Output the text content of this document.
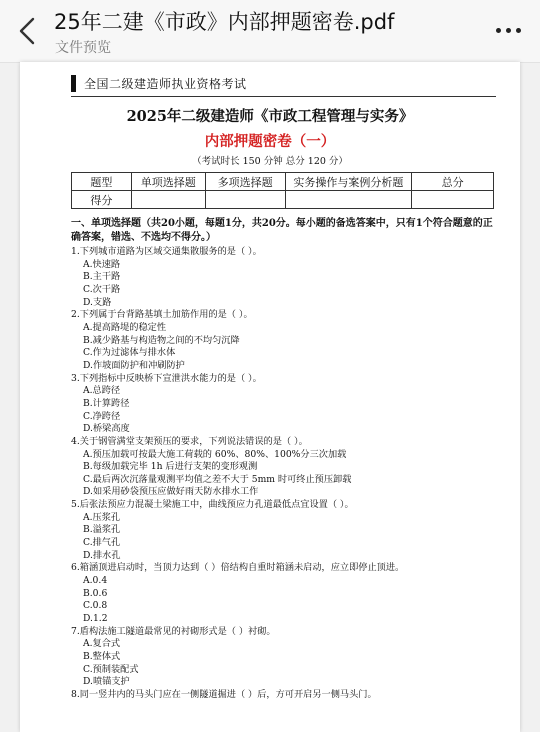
25年二建《市政》内部押题密卷.pdf
文件预览
全国二级建造师执业资格考试
2025年二级建造师《市政工程管理与实务》
内部押题密卷（一）
（考试时长 150 分钟 总分 120 分）
题型	单项选择题	多项选择题	实务操作与案例分析题	总分
得分				
一、单项选择题（共20小题，每题1分，共20分。每小题的备选答案中，只有1个符合题意的正确答案，错选、不选均不得分。）
1.下列城市道路为区域交通集散服务的是（ ）。
A.快速路
B.主干路
C.次干路
D.支路
2.下列属于台背路基填土加筋作用的是（ ）。
A.提高路堤的稳定性
B.减少路基与构造物之间的不均匀沉降
C.作为过滤体与排水体
D.作坡面防护和冲刷防护
3.下列指标中反映桥下宣泄洪水能力的是（ ）。
A.总跨径
B.计算跨径
C.净跨径
D.桥梁高度
4.关于钢管满堂支架预压的要求，下列说法错误的是（ ）。
A.预压加载可按最大施工荷载的 60%、80%、100%分三次加载
B.每级加载完毕 1h 后进行支架的变形观测
C.最后两次沉落量观测平均值之差不大于 5mm 时可终止预压卸载
D.如采用砂袋预压应做好雨天防水排水工作
5.后张法预应力混凝土梁施工中，曲线预应力孔道最低点宜设置（ ）。
A.压浆孔
B.溢浆孔
C.排气孔
D.排水孔
6.箱涵顶进启动时，当顶力达到（ ）倍结构自重时箱涵未启动，应立即停止顶进。
A.0.4
B.0.6
C.0.8
D.1.2
7.盾构法施工隧道最常见的衬砌形式是（ ）衬砌。
A.复合式
B.整体式
C.预制装配式
D.喷锚支护
8.同一竖井内的马头门应在一侧隧道掘进（ ）后，方可开启另一侧马头门。
